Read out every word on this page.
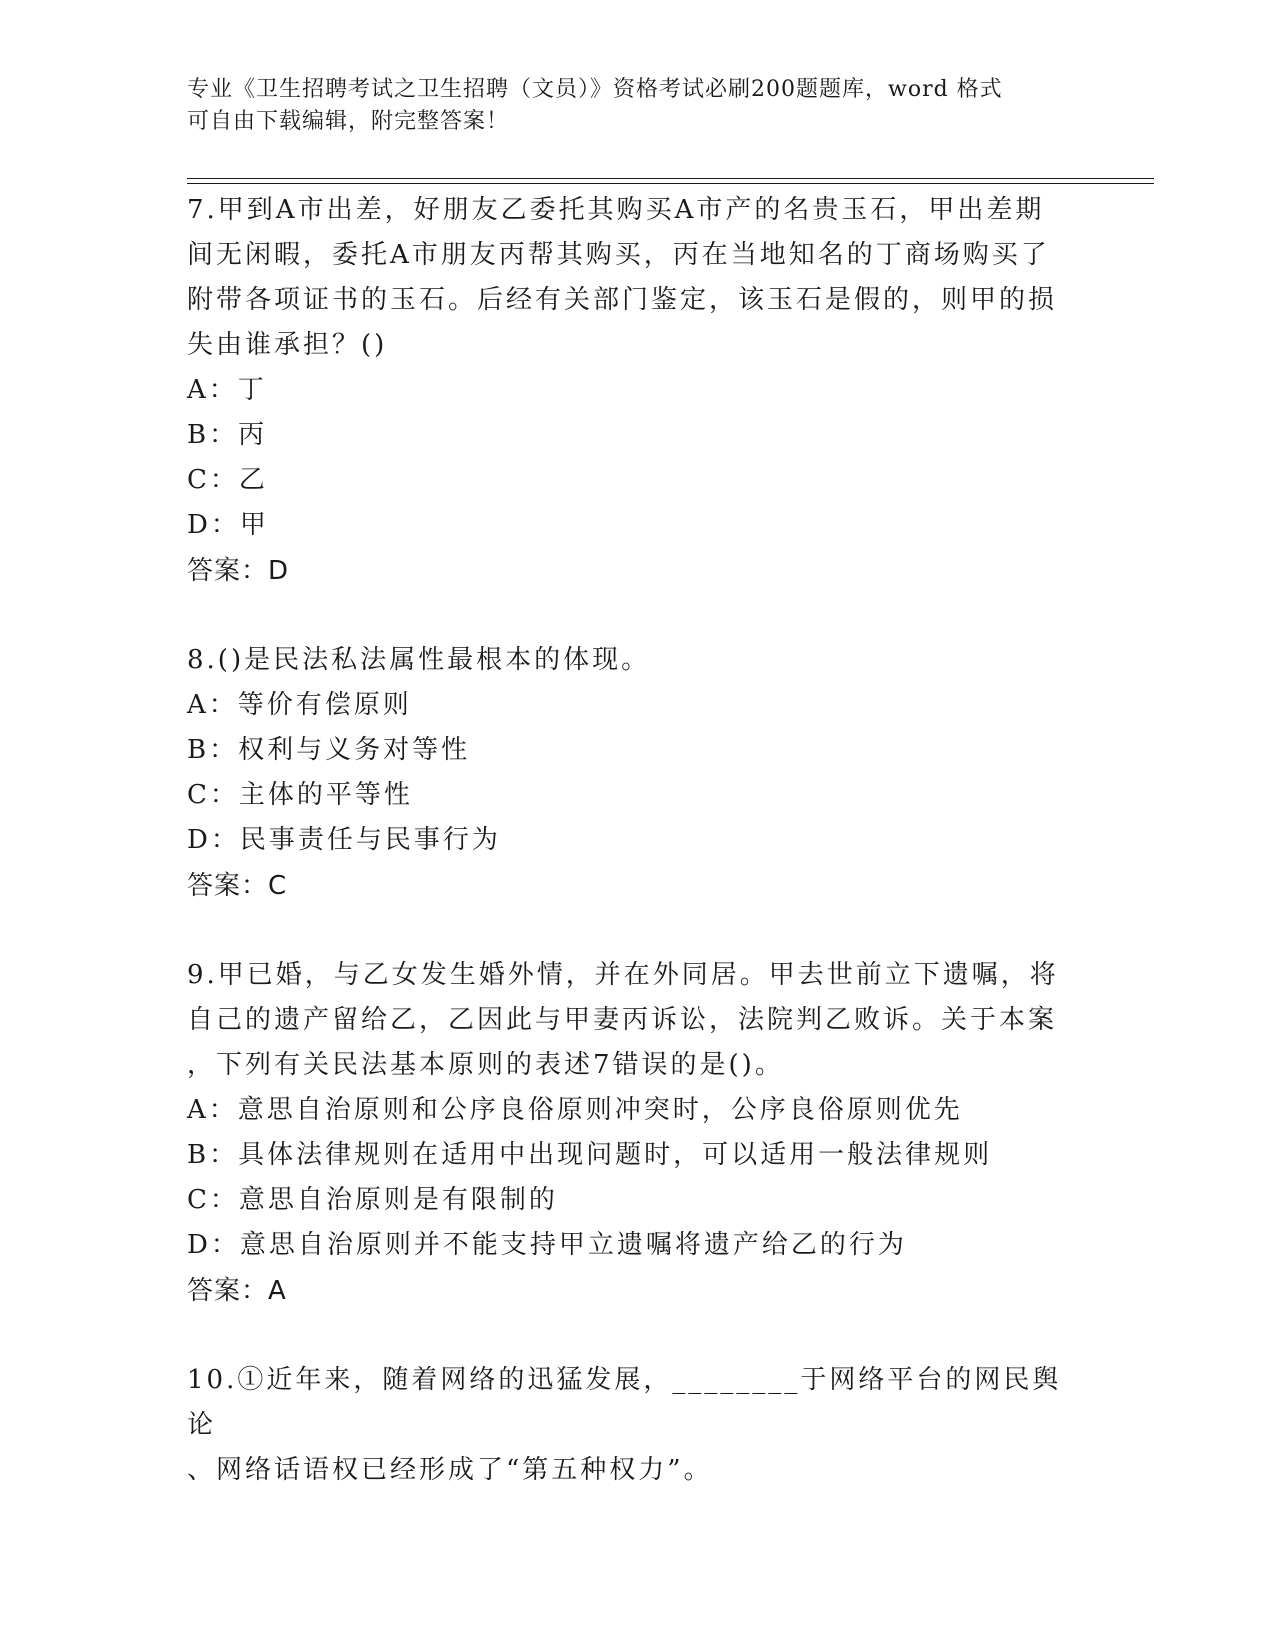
专业《卫生招聘考试之卫生招聘（文员）》资格考试必刷200题题库，word 格式
可自由下载编辑，附完整答案！
7.甲到A市出差，好朋友乙委托其购买A市产的名贵玉石，甲出差期
间无闲暇，委托A市朋友丙帮其购买，丙在当地知名的丁商场购买了
附带各项证书的玉石。后经有关部门鉴定，该玉石是假的，则甲的损
失由谁承担？()
A：丁
B：丙
C：乙
D：甲
答案：D
8.()是民法私法属性最根本的体现。
A：等价有偿原则
B：权利与义务对等性
C：主体的平等性
D：民事责任与民事行为
答案：C
9.甲已婚，与乙女发生婚外情，并在外同居。甲去世前立下遗嘱，将
自己的遗产留给乙，乙因此与甲妻丙诉讼，法院判乙败诉。关于本案
，下列有关民法基本原则的表述7错误的是()。
A：意思自治原则和公序良俗原则冲突时，公序良俗原则优先
B：具体法律规则在适用中出现问题时，可以适用一般法律规则
C：意思自治原则是有限制的
D：意思自治原则并不能支持甲立遗嘱将遗产给乙的行为
答案：A
10.①近年来，随着网络的迅猛发展，________于网络平台的网民舆论
、网络话语权已经形成了“第五种权力”。
